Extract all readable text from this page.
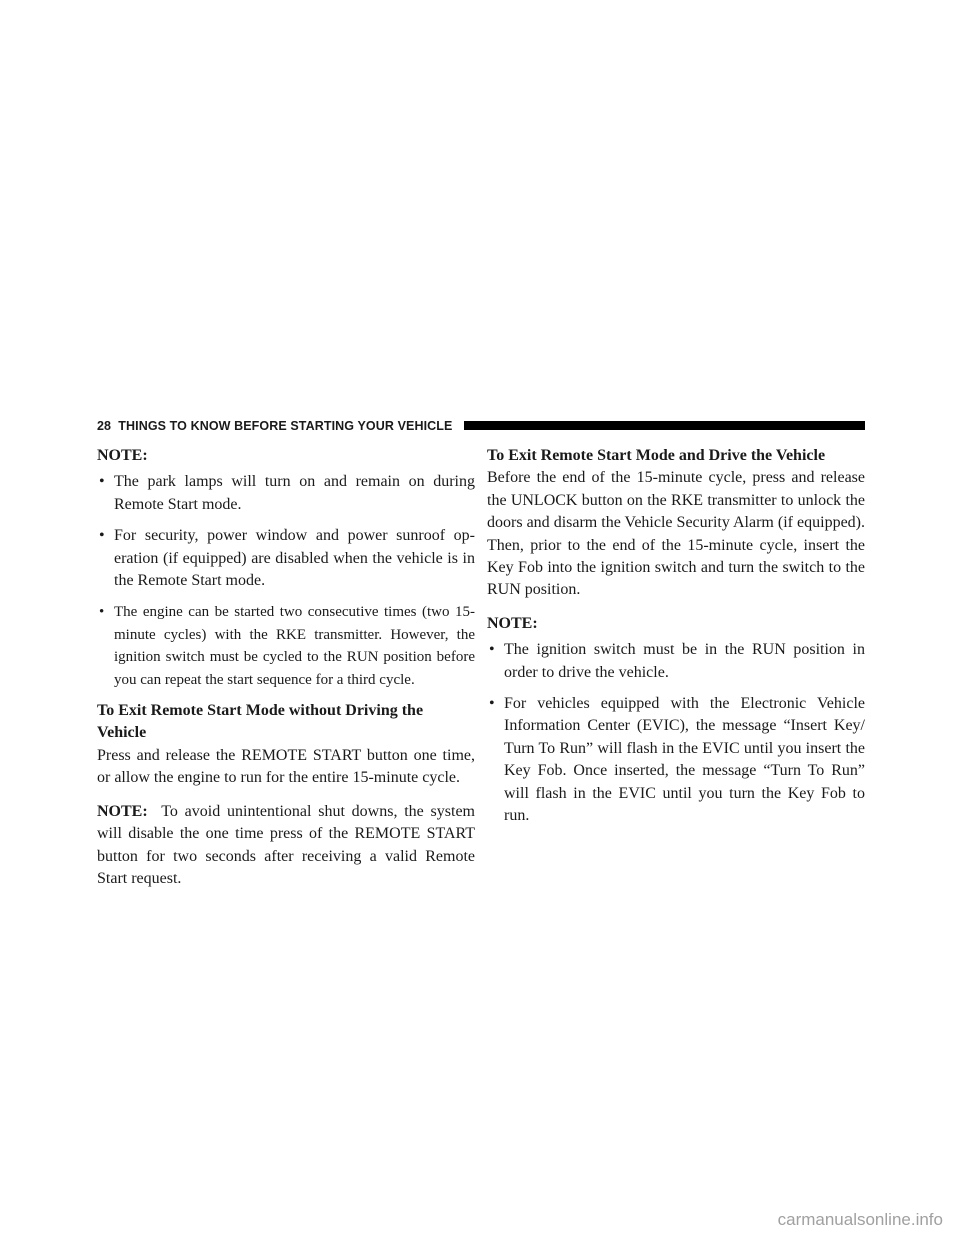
28 THINGS TO KNOW BEFORE STARTING YOUR VEHICLE
NOTE:
• The park lamps will turn on and remain on during Remote Start mode.
• For security, power window and power sunroof op-eration (if equipped) are disabled when the vehicle is in the Remote Start mode.
• The engine can be started two consecutive times (two 15-minute cycles) with the RKE transmitter. However, the ignition switch must be cycled to the RUN position before you can repeat the start sequence for a third cycle.
To Exit Remote Start Mode without Driving the Vehicle

Press and release the REMOTE START button one time, or allow the engine to run for the entire 15-minute cycle.

NOTE: To avoid unintentional shut downs, the system will disable the one time press of the REMOTE START button for two seconds after receiving a valid Remote Start request.

To Exit Remote Start Mode and Drive the Vehicle

Before the end of the 15-minute cycle, press and release the UNLOCK button on the RKE transmitter to unlock the doors and disarm the Vehicle Security Alarm (if equipped). Then, prior to the end of the 15-minute cycle, insert the Key Fob into the ignition switch and turn the switch to the RUN position.

NOTE:
• The ignition switch must be in the RUN position in order to drive the vehicle.
• For vehicles equipped with the Electronic Vehicle Information Center (EVIC), the message “Insert Key/ Turn To Run” will flash in the EVIC until you insert the Key Fob. Once inserted, the message “Turn To Run” will flash in the EVIC until you turn the Key Fob to run.
carmanualsonline.info
